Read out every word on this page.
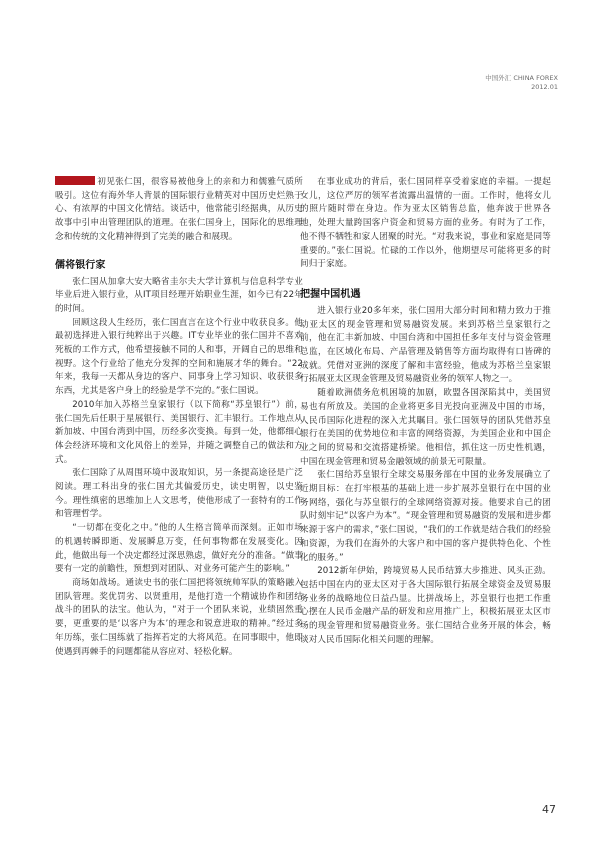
中国外汇 CHINA FOREX
2012.01

初见张仁国，很容易被他身上的亲和力和儒雅气质所吸引。这位有海外华人背景的国际银行业精英对中国历史烂熟于心、有浓厚的中国文化情结。谈话中，他常能引经据典，从历史故事中引申出管理团队的道理。在张仁国身上，国际化的思维理念和传统的文化精神得到了完美的融合和展现。

儒将银行家

张仁国从加拿大安大略省圭尔夫大学计算机与信息科学专业毕业后进入银行业，从IT项目经理开始职业生涯，如今已有22年的时间。

回顾这段人生经历，张仁国直言在这个行业中收获良多。他最初选择进入银行纯粹出于兴趣。IT专业毕业的张仁国并不喜欢死板的工作方式，他希望接触不同的人和事，开阔自己的思维和视野。这个行业给了他充分发挥的空间和施展才华的舞台。“22年来，我每一天都从身边的客户、同事身上学习知识、收获很多东西，尤其是客户身上的经验是学不完的。”张仁国说。

2010年加入苏格兰皇家银行（以下简称“苏皇银行”）前，张仁国先后任职于星展银行、美国银行、汇丰银行。工作地点从新加坡、中国台湾到中国，历经多次变换。每到一处，他都细心体会经济环境和文化风俗上的差异，并随之调整自己的做法和方式。

张仁国除了从周围环境中汲取知识，另一条提高途径是广泛阅读。理工科出身的张仁国尤其偏爱历史，读史明智，以史鉴今。理性缜密的思维加上人文思考，使他形成了一套特有的工作和管理哲学。

“一切都在变化之中。”他的人生格言简单而深刻。正如市场的机遇转瞬即逝、发展瞬息万变，任何事物都在发展变化。因此，他做出每一个决定都经过深思熟虑，做好充分的准备。“做事要有一定的前瞻性，预想到对团队、对业务可能产生的影响。”

商场如战场。通读史书的张仁国把将领统帅军队的策略融入团队管理。奖优罚劣、以贤重用，是他打造一个精诚协作和团结战斗的团队的法宝。他认为，“对于一个团队来说，业绩固然重要，更重要的是‘以客户为本’的理念和锐意进取的精神。”经过多年历练，张仁国练就了指挥若定的大将风范。在同事眼中，他即使遇到再棘手的问题都能从容应对、轻松化解。

在事业成功的背后，张仁国同样享受着家庭的幸福。一提起女儿，这位严厉的领军者流露出温情的一面。工作时，他将女儿的照片随时带在身边。作为亚太区销售总监，他奔波于世界各地，处理大量跨国客户资金和贸易方面的业务。有时为了工作，他不得不牺牲和家人团聚的时光。“对我来说，事业和家庭是同等重要的。”张仁国说。忙碌的工作以外，他期望尽可能将更多的时间归于家庭。

把握中国机遇

进入银行业20多年来，张仁国用大部分时间和精力致力于推动亚太区的现金管理和贸易融资发展。来到苏格兰皇家银行之前，他在汇丰新加坡、中国台湾和中国担任多年支付与资金管理总监，在区域化布局、产品管理及销售等方面均取得有口皆碑的成就。凭借对亚洲的深度了解和丰富经验，他成为苏格兰皇家银行拓展亚太区现金管理及贸易融资业务的领军人物之一。

随着欧洲债务危机困境的加剧，欧盟各国深陷其中，美国贸易也有所放及。美国的企业将更多目光投向亚洲及中国的市场，人民币国际化进程的深入尤其瞩目。张仁国领导的团队凭借苏皇银行在美国的优势地位和丰富的网络资源，为美国企业和中国企业之间的贸易和交流搭建桥梁。他相信，抓住这一历史性机遇，中国在现金管理和贸易金融领域的前景无可限量。

张仁国给苏皇银行全球交易服务部在中国的业务发展确立了近期目标：在打牢根基的基础上进一步扩展苏皇银行在中国的业务网络，强化与苏皇银行的全球网络资源对接。他要求自己的团队时刻牢记“以客户为本”。“现金管理和贸易融资的发展和进步都来源于客户的需求，”张仁国说，“我们的工作就是结合我们的经验和资源，为我们在海外的大客户和中国的客户提供特色化、个性化的服务。”

2012新年伊始，跨境贸易人民币结算大步推进、风头正劲。包括中国在内的亚太区对于各大国际银行拓展全球资金及贸易服务业务的战略地位日益凸显。比拼战场上，苏皇银行也把工作重心摆在人民币金融产品的研发和应用推广上，积极拓展亚太区市场的现金管理和贸易融资业务。张仁国结合业务开展的体会，畅谈对人民币国际化相关问题的理解。

47
